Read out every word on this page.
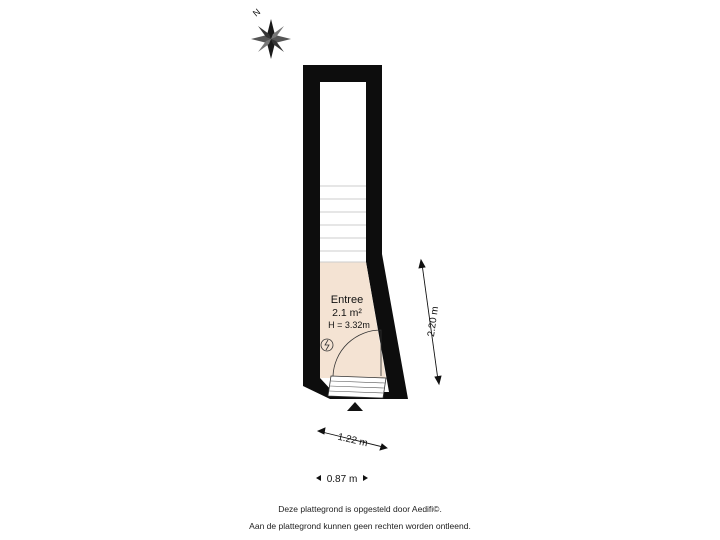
N
Entree
2.1 m²
H = 3.32m	2.20 m
1.22 m
0.87 m
Deze plattegrond is opgesteld door Aedifi©.
Aan de plattegrond kunnen geen rechten worden ontleend.
